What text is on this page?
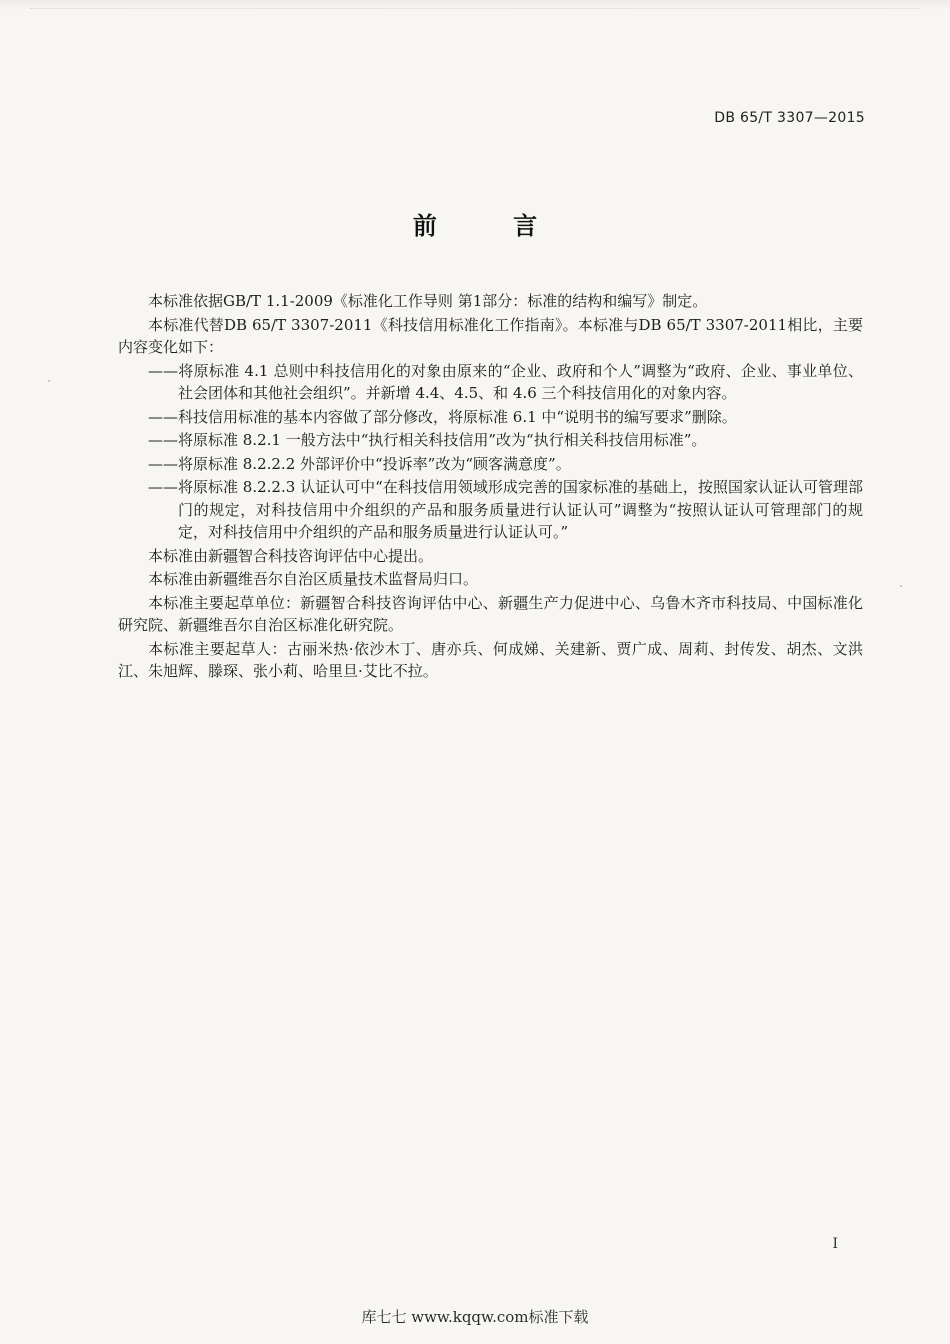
DB 65/T 3307—2015
前 言

本标准依据GB/T 1.1-2009《标准化工作导则 第1部分：标准的结构和编写》制定。

本标准代替DB 65/T 3307-2011《科技信用标准化工作指南》。本标准与DB 65/T 3307-2011相比，主要内容变化如下：

——将原标准 4.1 总则中科技信用化的对象由原来的“企业、政府和个人”调整为“政府、企业、事业单位、社会团体和其他社会组织”。并新增 4.4、4.5、和 4.6 三个科技信用化的对象内容。

——科技信用标准的基本内容做了部分修改，将原标准 6.1 中“说明书的编写要求”删除。

——将原标准 8.2.1 一般方法中“执行相关科技信用”改为“执行相关科技信用标准”。

——将原标准 8.2.2.2 外部评价中“投诉率”改为“顾客满意度”。

——将原标准 8.2.2.3 认证认可中“在科技信用领域形成完善的国家标准的基础上，按照国家认证认可管理部门的规定，对科技信用中介组织的产品和服务质量进行认证认可”调整为“按照认证认可管理部门的规定，对科技信用中介组织的产品和服务质量进行认证认可。”

本标准由新疆智合科技咨询评估中心提出。

本标准由新疆维吾尔自治区质量技术监督局归口。

本标准主要起草单位：新疆智合科技咨询评估中心、新疆生产力促进中心、乌鲁木齐市科技局、中国标准化研究院、新疆维吾尔自治区标准化研究院。

本标准主要起草人：古丽米热·依沙木丁、唐亦兵、何成娣、关建新、贾广成、周莉、封传发、胡杰、文洪江、朱旭辉、滕琛、张小莉、哈里旦·艾比不拉。

I
库七七 www.kqqw.com标准下载
